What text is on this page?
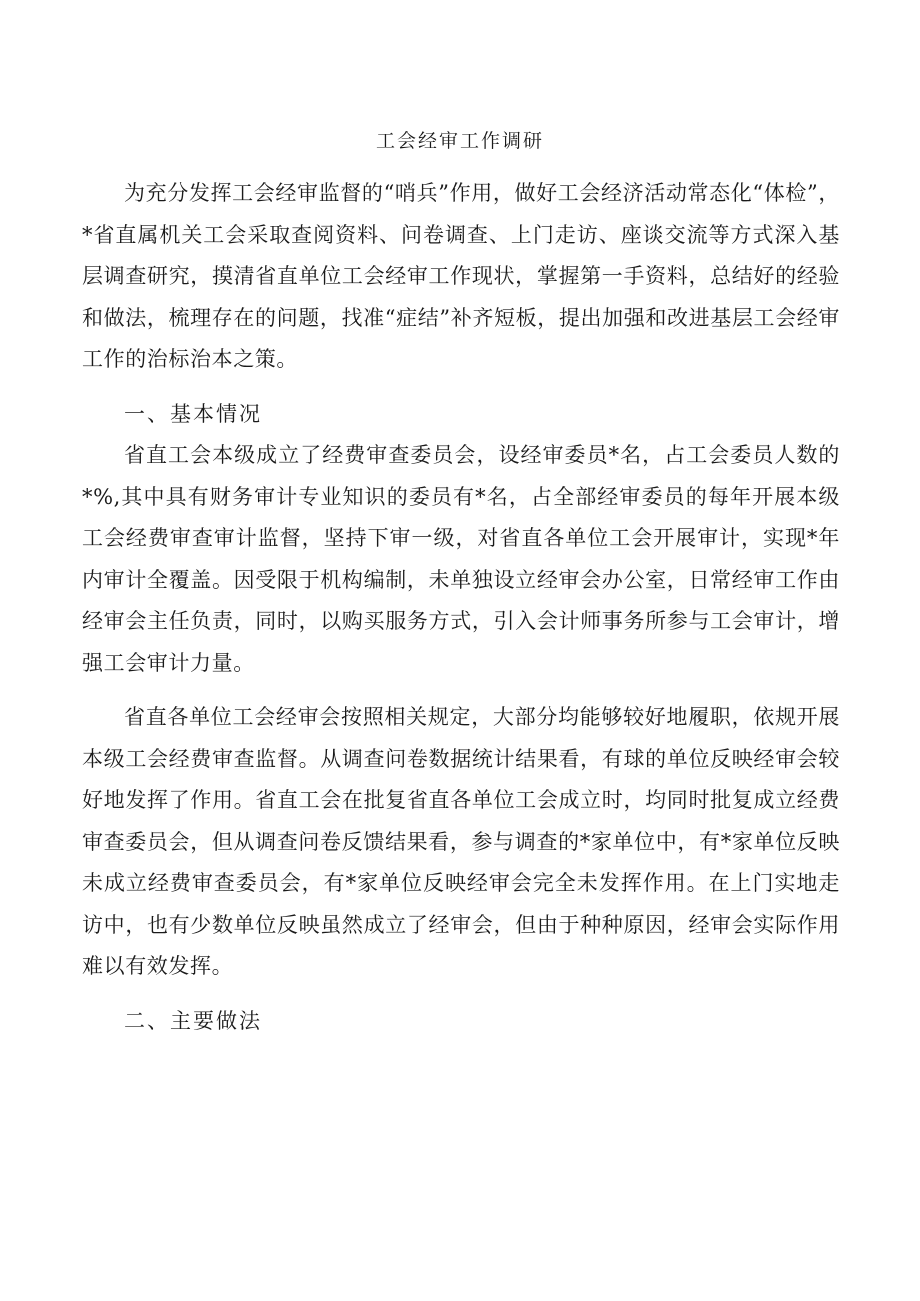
工会经审工作调研

为充分发挥工会经审监督的“哨兵”作用，做好工会经济活动常态化“体检”，*省直属机关工会采取查阅资料、问卷调查、上门走访、座谈交流等方式深入基层调查研究，摸清省直单位工会经审工作现状，掌握第一手资料，总结好的经验和做法，梳理存在的问题，找准“症结”补齐短板，提出加强和改进基层工会经审工作的治标治本之策。

一、基本情况

省直工会本级成立了经费审查委员会，设经审委员*名，占工会委员人数的*%,其中具有财务审计专业知识的委员有*名，占全部经审委员的每年开展本级工会经费审查审计监督，坚持下审一级，对省直各单位工会开展审计，实现*年内审计全覆盖。因受限于机构编制，未单独设立经审会办公室，日常经审工作由经审会主任负责，同时，以购买服务方式，引入会计师事务所参与工会审计，增强工会审计力量。

省直各单位工会经审会按照相关规定，大部分均能够较好地履职，依规开展本级工会经费审查监督。从调查问卷数据统计结果看，有球的单位反映经审会较好地发挥了作用。省直工会在批复省直各单位工会成立时，均同时批复成立经费审查委员会，但从调查问卷反馈结果看，参与调查的*家单位中，有*家单位反映未成立经费审查委员会，有*家单位反映经审会完全未发挥作用。在上门实地走访中，也有少数单位反映虽然成立了经审会，但由于种种原因，经审会实际作用难以有效发挥。

二、主要做法
